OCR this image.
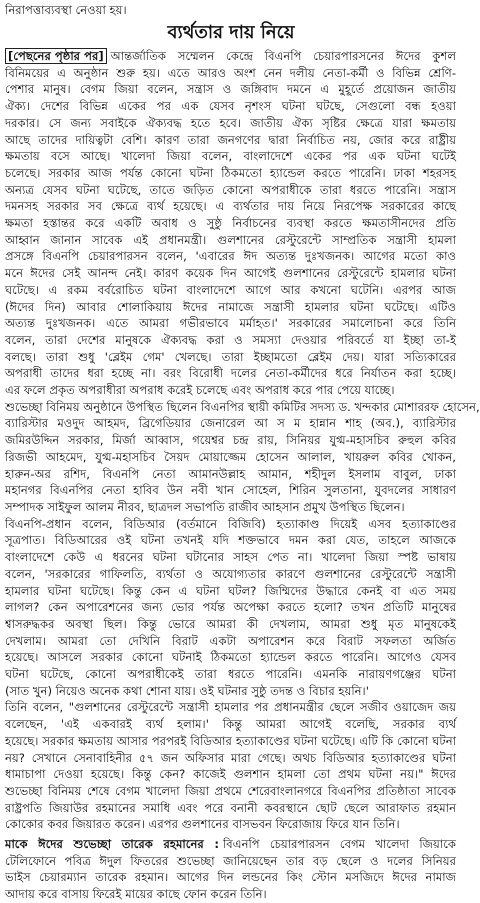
নিরাপত্তাব্যবস্থা নেওয়া হয়।
ব্যর্থতার দায় নিয়ে
[পেছনের পৃষ্ঠার পর] আন্তর্জাতিক সম্মেলন কেন্দ্রে বিএনপি চেয়ারপারসনের ঈদের কুশল
বিনিময়ের এ অনুষ্ঠান শুরু হয়। এতে আরও অংশ নেন দলীয় নেতা-কর্মী ও বিভিন্ন শ্রেণি-
পেশার মানুষ। বেগম জিয়া বলেন, সন্ত্রাস ও জঙ্গিবাদ দমনে এ মুহূর্তে প্রয়োজন জাতীয়
ঐক্য। দেশের বিভিন্ন একের পর এক যেসব নৃশংস ঘটনা ঘটছে, সেগুলো বন্ধ হওয়া
দরকার। সে জন্য সবাইকে ঐক্যবদ্ধ হতে হবে। জাতীয় ঐক্য সৃষ্টির ক্ষেত্রে যারা ক্ষমতায়
আছে তাদের দায়িত্বটা বেশি। কারণ তারা জনগণের দ্বারা নির্বাচিত নয়, জোর করে রাষ্ট্রীয়
ক্ষমতায় বসে আছে। খালেদা জিয়া বলেন, বাংলাদেশে একের পর এক ঘটনা ঘটেই
চলেছে। সরকার আজ পর্যন্ত কোনো ঘটনা ঠিকমতো হ্যান্ডেল করতে পারেনি। ঢাকা শহরসহ
অন্যত্র যেসব ঘটনা ঘটেছে, তাতে জড়িত কোনো অপরাধীকে তারা ধরতে পারেনি। সন্ত্রাস
দমনসহ সরকার সব ক্ষেত্রে ব্যর্থ হয়েছে। এ ব্যর্থতার দায় নিয়ে নিরপেক্ষ সরকারের কাছে
ক্ষমতা হস্তান্তর করে একটি অবাধ ও সুষ্ঠু নির্বাচনের ব্যবস্থা করতে ক্ষমতাসীনদের প্রতি
আহ্বান জানান সাবেক এই প্রধানমন্ত্রী। গুলশানের রেস্টুরেন্টে সাম্প্রতিক সন্ত্রাসী হামলা
প্রসঙ্গে বিএনপি চেয়ারপারসন বলেন, 'এবারের ঈদ অত্যন্ত দুঃখজনক। আগের মতো কাও
মনে ঈদের সেই আনন্দ নেই। কারণ কয়েক দিন আগেই গুলশানের রেস্টুরেন্টে হামলার ঘটনা
ঘটেছে। এ রকম বর্বরোচিত ঘটনা বাংলাদেশে আগে আর কখনো ঘটেনি। এরপর আজ
(ঈদের দিন) আবার শোলাকিয়ায় ঈদের নামাজে সন্ত্রাসী হামলার ঘটনা ঘটেছে। এটিও
অত্যন্ত দুঃখজনক। এতে আমরা গভীরভাবে মর্মাহত।' সরকারের সমালোচনা করে তিনি
বলেন, তারা দেশের মানুষকে ঐক্যবদ্ধ করা ও সমস্যা দেওয়ার পরিবর্তে যা ইচ্ছা তা-ই
বলছে। তারা শুধু 'ব্লেইম গেম' খেলছে। তারা ইচ্ছামতো ব্লেইম দেয়। যারা সত্যিকারের
অপরাধী তাদের ধরা হচ্ছে না। বরং বিরোধী দলের নেতা-কর্মীদের ধরে নির্যাতন করা হচ্ছে।
এর ফলে প্রকৃত অপরাধীরা অপরাধ করেই চলেছে এবং অপরাধ করে পার পেয়ে যাচ্ছে।
শুভেচ্ছা বিনিময় অনুষ্ঠানে উপস্থিত ছিলেন বিএনপির স্থায়ী কমিটির সদস্য ড. খন্দকার মোশাররফ হোসেন,
ব্যারিস্টার মওদুদ আহমদ, ব্রিগেডিয়ার জেনারেল আ স ম হান্নান শাহ (অব.), ব্যারিস্টার
জমিরউদ্দিন সরকার, মির্জা আব্বাস, গয়েশ্বর চন্দ্র রায়, সিনিয়র যুগ্ম-মহাসচিব রুহুল কবির
রিজভী আহমেদ, যুগ্ম-মহাসচিব সৈয়দ মোয়াজ্জেম হোসেন আলাল, খায়রুল কবির খোকন,
হারুন-অর রশিদ, বিএনপি নেতা আমানউল্লাহ আমান, শহীদুল ইসলাম বাবুল, ঢাকা
মহানগর বিএনপির নেতা হাবিব উন নবী খান সোহেল, শিরিন সুলতানা, যুবদলের সাধারণ
সম্পাদক সাইফুল আলম নীরব, ছাত্রদল সভাপতি রাজীব আহসান প্রমুখ উপস্থিত ছিলেন।
বিএনপি-প্রধান বলেন, বিডিআর (বর্তমানে বিজিবি) হত্যাকাণ্ড দিয়েই এসব হত্যাকাণ্ডের
সূত্রপাত। বিডিআরের ওই ঘটনা তখনই যদি শক্তভাবে দমন করা যেত, তাহলে আজকে
বাংলাদেশে কেউ এ ধরনের ঘটনা ঘটানোর সাহস পেত না। খালেদা জিয়া স্পষ্ট ভাষায়
বলেন, 'সরকারের গাফিলতি, ব্যর্থতা ও অযোগ্যতার কারণে গুলশানের রেস্টুরেন্টে সন্ত্রাসী
হামলার ঘটনা ঘটেছে। কিন্তু কেন এ ঘটনা ঘটল? জিম্মিদের উদ্ধারে কেনই বা এত সময়
লাগল? কেন অপারেশনের জন্য ভোর পর্যন্ত অপেক্ষা করতে হলো? তখন প্রতিটি মানুষের
শ্বাসরুদ্ধকর অবস্থা ছিল। কিন্তু ভোরে আমরা কী দেখলাম, আমরা শুধু মৃত মানুষকেই
দেখলাম। আমরা তো দেখিনি বিরাট একটা অপারেশন করে বিরাট সফলতা অর্জিত
হয়েছে। আসলে সরকার কোনো ঘটনাই ঠিকমতো হ্যান্ডেল করতে পারেনি। আগেও যেসব
ঘটনা ঘটেছে, কোনো অপরাধীকেই তারা ধরতে পারেনি। এমনকি নারায়ণগঞ্জের ঘটনা
(সাত খুন) নিয়েও অনেক কথা শোনা যায়। ওই ঘটনার সুষ্ঠু তদন্ত ও বিচার হয়নি।'
তিনি বলেন, "গুলশানের রেস্টুরেন্টে সন্ত্রাসী হামলার পর প্রধানমন্ত্রীর ছেলে সজীব ওয়াজেদ জয়
বলেছেন, 'এই একবারই ব্যর্থ হলাম।' কিন্তু আমরা আগেই বলেছি, সরকার ব্যর্থ
হয়েছে। সরকার ক্ষমতায় আসার পরপরই বিডিআর হত্যাকাণ্ডের ঘটনা ঘটেছে। এটি কি কোনো ঘটনা
নয়? সেখানে সেনাবাহিনীর ৫৭ জন অফিসার মারা গেছে। অথচ বিডিআর হত্যাকাণ্ডের ঘটনা
ধামাচাপা দেওয়া হয়েছে। কিন্তু কেন? কাজেই গুলশান হামলা তো প্রথম ঘটনা নয়।" ঈদের
শুভেচ্ছা বিনিময় শেষে বেগম খালেদা জিয়া প্রথমে শেরেবাংলানগরে বিএনপির প্রতিষ্ঠাতা সাবেক
রাষ্ট্রপতি জিয়াউর রহমানের সমাধি এবং পরে বনানী কবরস্থানে ছোট ছেলে আরাফাত রহমান
কোকোর কবর জিয়ারত করেন। এরপর গুলশানের বাসভবন ফিরোজায় ফিরে যান তিনি।
মাকে ঈদের শুভেচ্ছা তারেক রহমানের : বিএনপি চেয়ারপারসন বেগম খালেদা জিয়াকে
টেলিফোনে পবিত্র ঈদুল ফিতরের শুভেচ্ছা জানিয়েছেন তার বড় ছেলে ও দলের সিনিয়র
ভাইস চেয়ারম্যান তারেক রহমান। আগের দিন লন্ডনের কিং স্টোন মসজিদে ঈদের নামাজ
আদায় করে বাসায় ফিরেই মায়ের কাছে ফোন করেন তিনি।
